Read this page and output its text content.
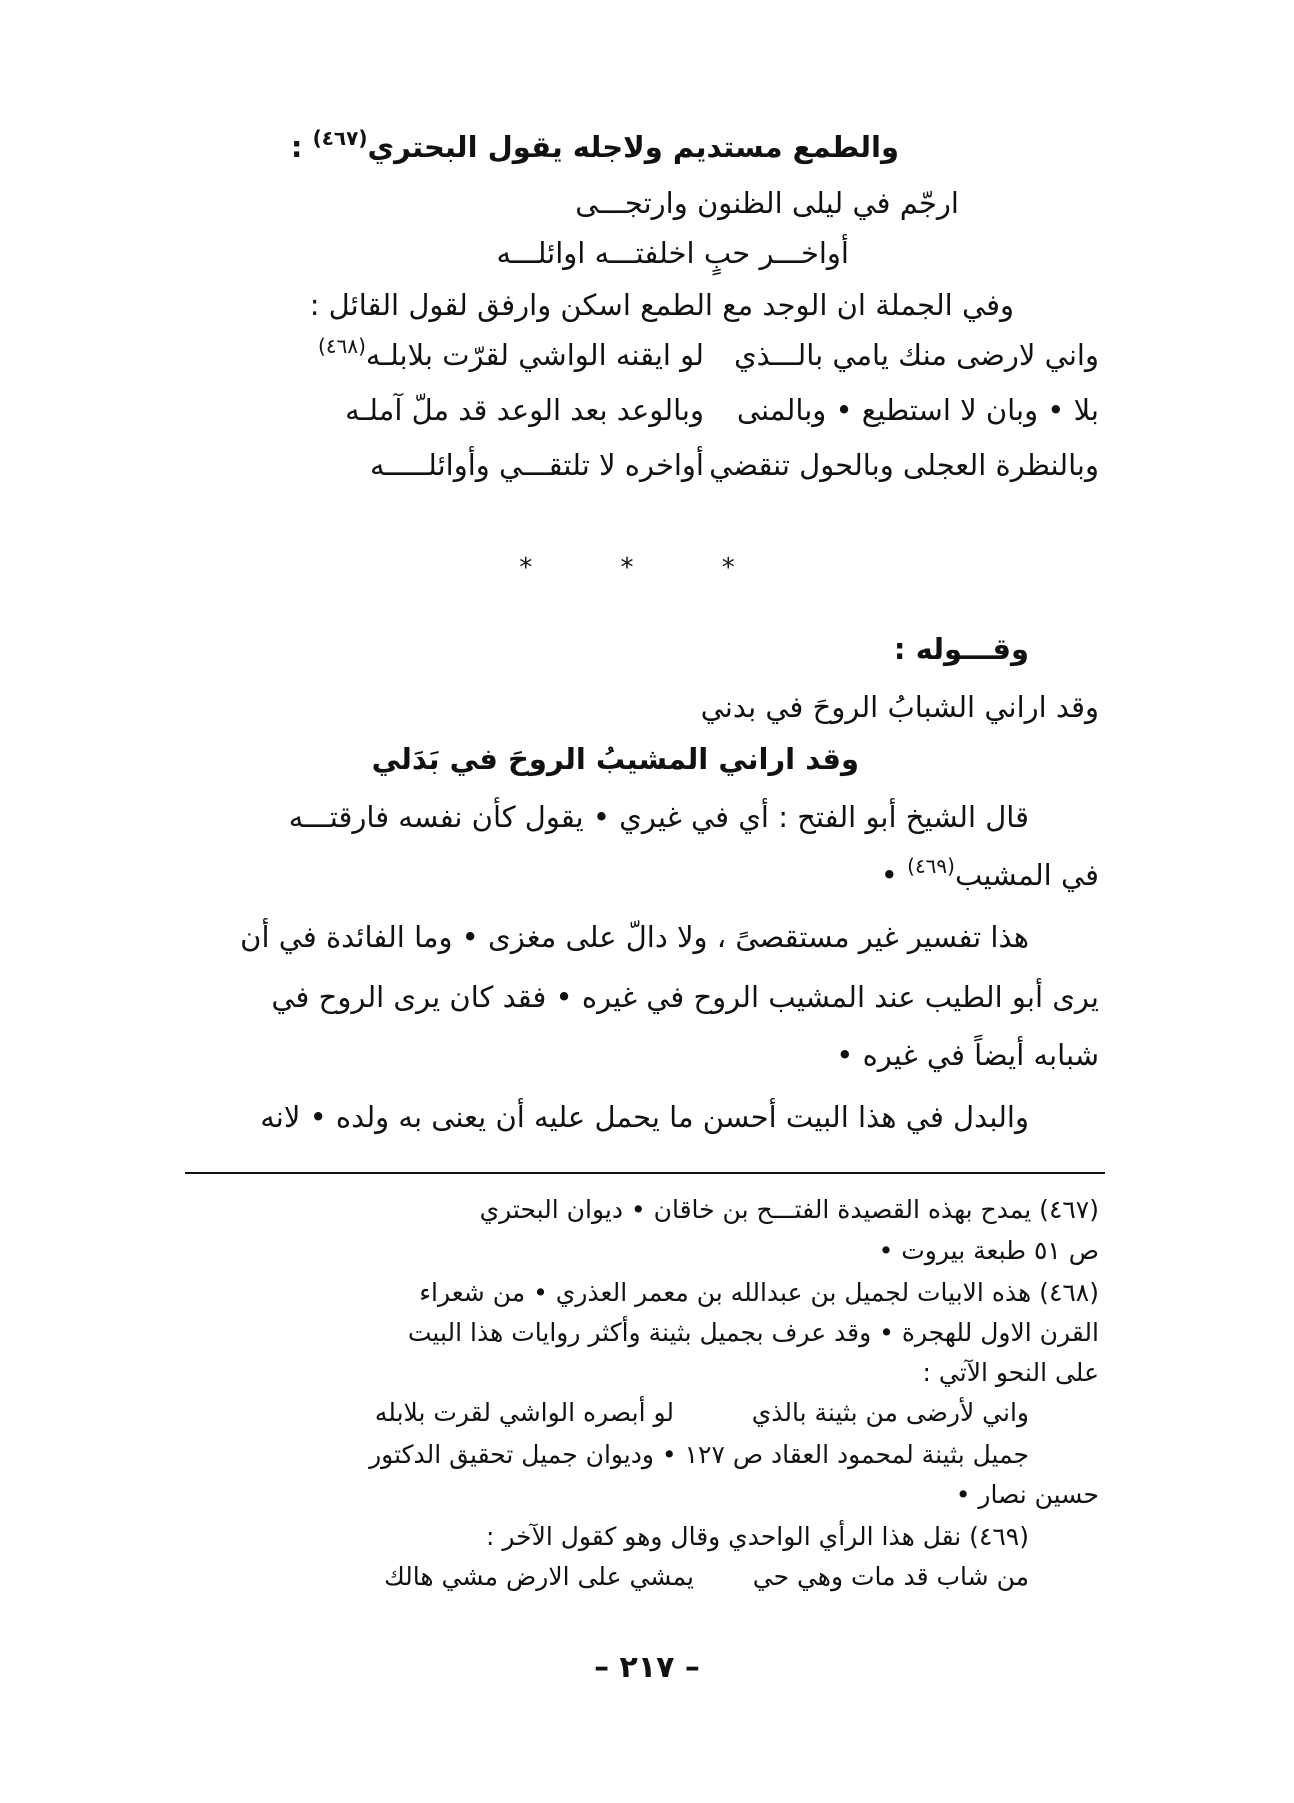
والطمع مستديم ولاجله يقول البحتري$^{(٤٦٧)}$ :

ارجّم في ليلى الظنون وارتجـــى

أواخـــر حبٍ اخلفتـــه اوائلـــه

وفي الجملة ان الوجد مع الطمع اسكن وارفق لقول القائل :

واني لارضى منك يامي بالـــذي
لو ايقنه الواشي لقرّت بلابلـه$^{(٤٦٨)}$
بلا • وبان لا استطيع • وبالمنى
وبالوعد بعد الوعد قد ملّ آملـه
وبالنظرة العجلى وبالحول تنقضي
أواخره لا تلتقـــي وأوائلـــــه
* * *

وقـــوله :

وقد اراني الشبابُ الروحَ في بدني

وقد اراني المشيبُ الروحَ في بَدَلي

قال الشيخ أبو الفتح : أي في غيري • يقول كأن نفسه فارقتـــه

في المشيب$^{(٤٦٩)}$ •

هذا تفسير غير مستقصىً ، ولا دالّ على مغزى • وما الفائدة في أن

يرى أبو الطيب عند المشيب الروح في غيره • فقد كان يرى الروح في

شبابه أيضاً في غيره •

والبدل في هذا البيت أحسن ما يحمل عليه أن يعنى به ولده • لانه

(٤٦٧) يمدح بهذه القصيدة الفتـــح بن خاقان • ديوان البحتري

ص ٥١ طبعة بيروت •

(٤٦٨) هذه الابيات لجميل بن عبدالله بن معمر العذري • من شعراء

القرن الاول للهجرة • وقد عرف بجميل بثينة وأكثر روايات هذا البيت

على النحو الآتي :

واني لأرضى من بثينة بالذي
لو أبصره الواشي لقرت بلابله

جميل بثينة لمحمود العقاد ص ١٢٧ • وديوان جميل تحقيق الدكتور

حسين نصار •

(٤٦٩) نقل هذا الرأي الواحدي وقال وهو كقول الآخر :

من شاب قد مات وهي حي
يمشي على الارض مشي هالك
– ٢١٧ –
